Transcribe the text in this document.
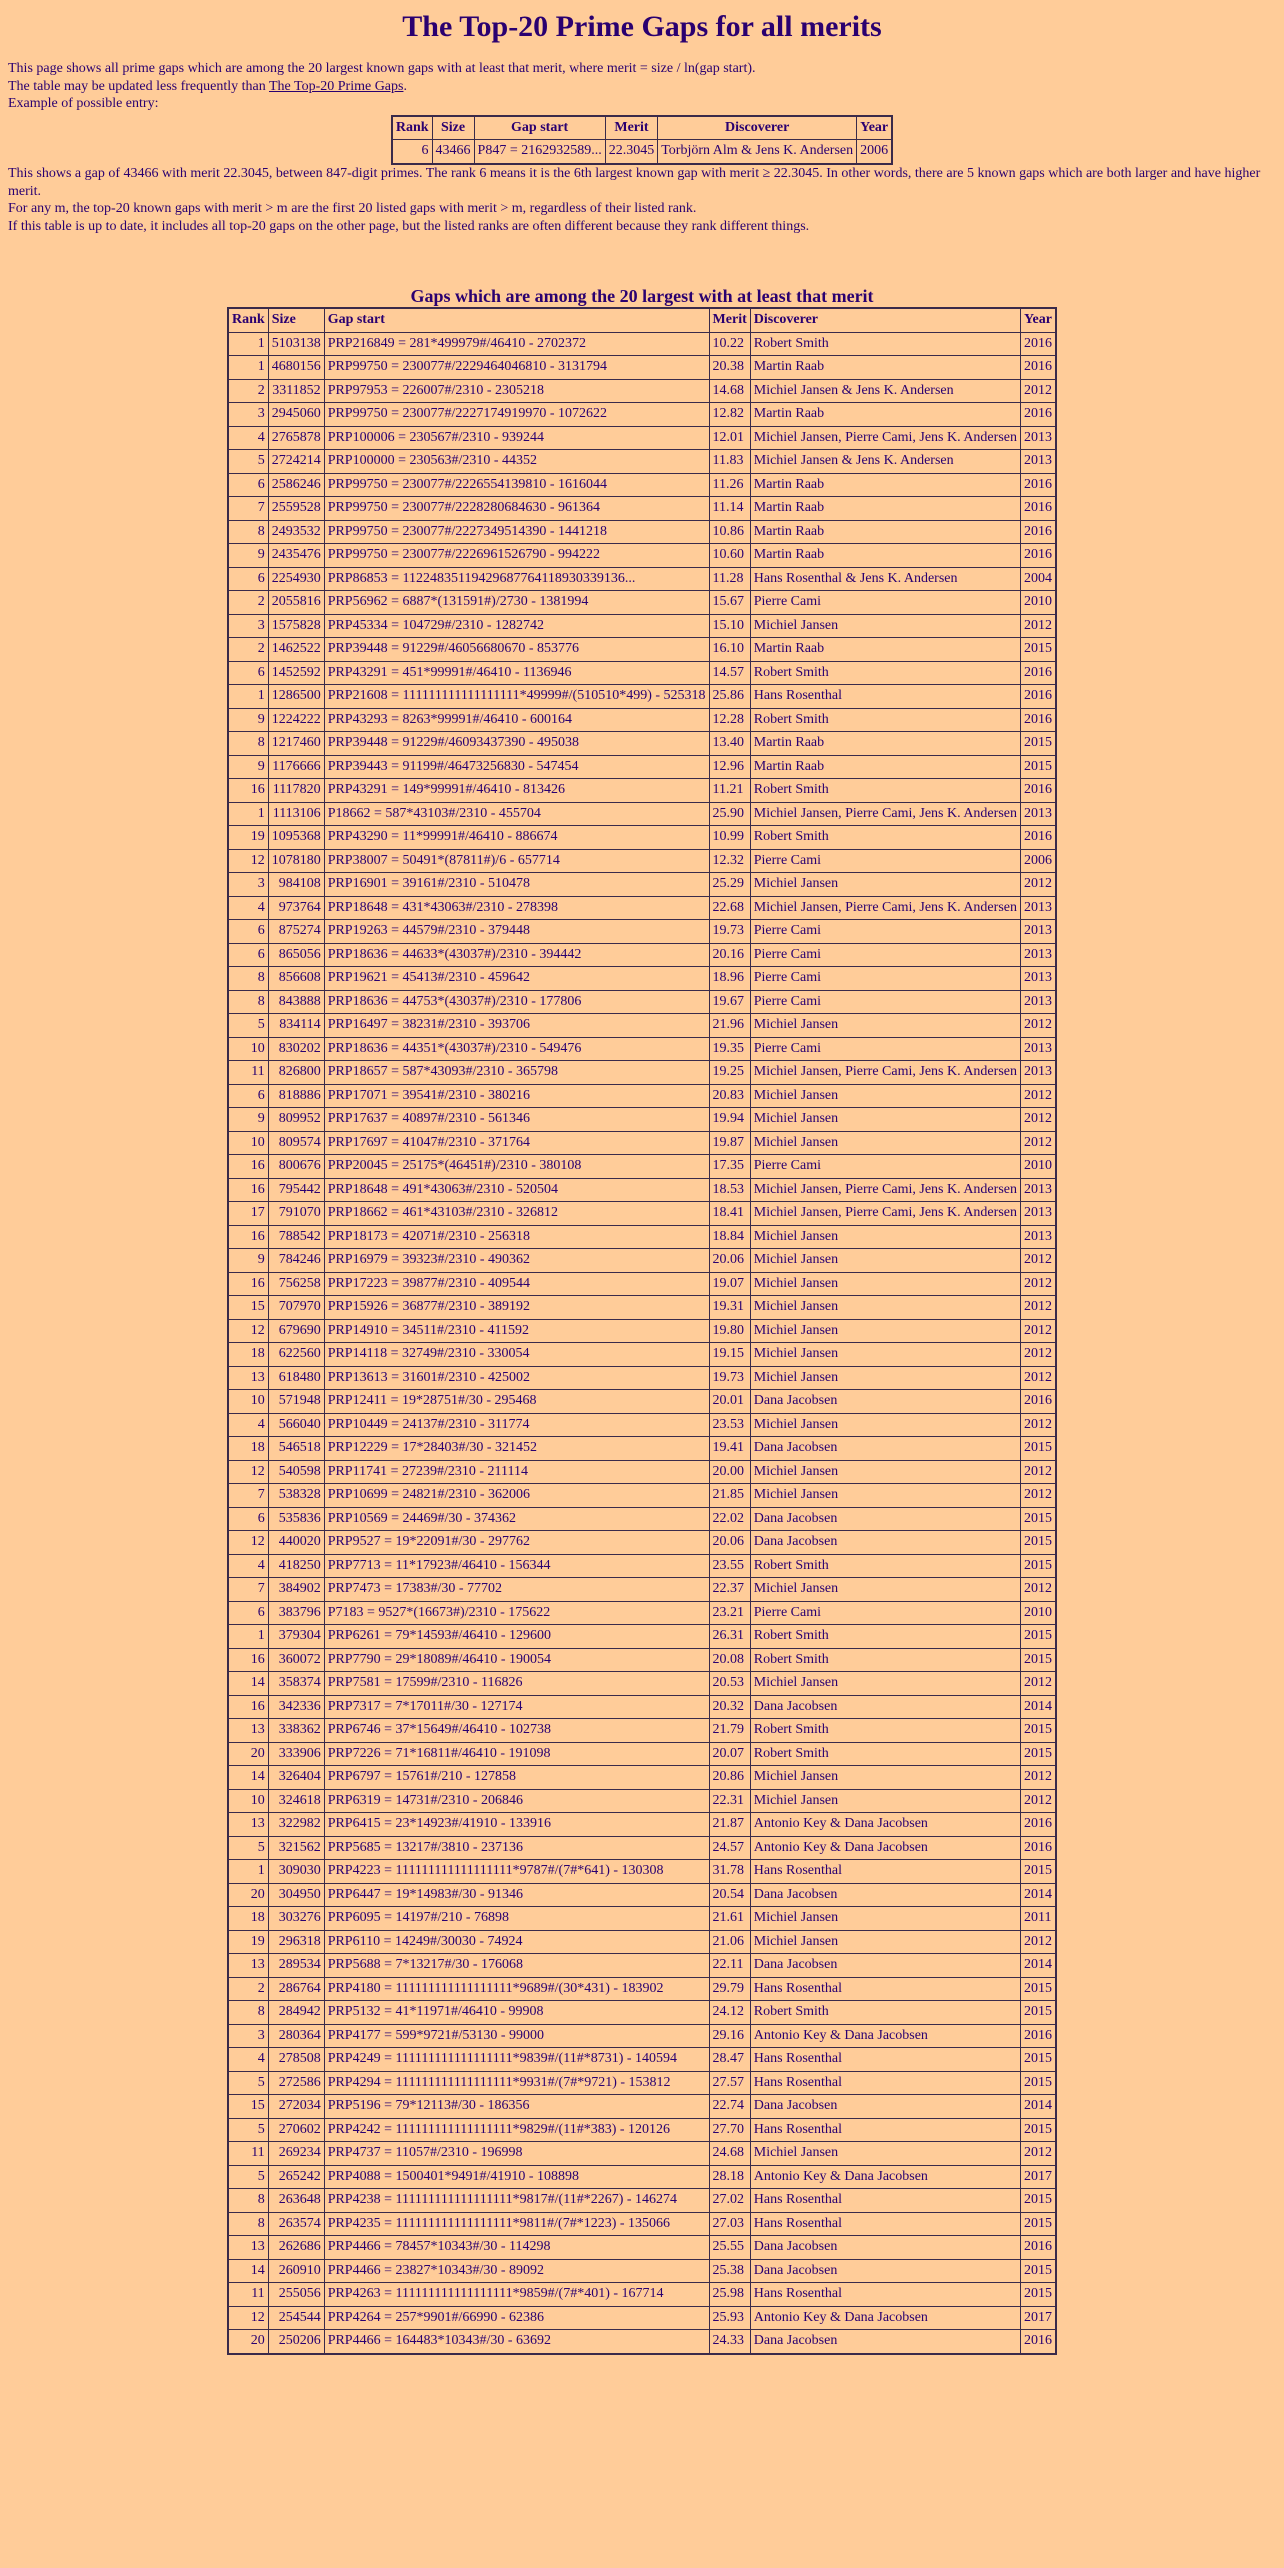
The Top-20 Prime Gaps for all merits

This page shows all prime gaps which are among the 20 largest known gaps with at least that merit, where merit = size / ln(gap start).

The table may be updated less frequently than The Top-20 Prime Gaps.

Example of possible entry:

Rank	Size	Gap start	Merit	Discoverer	Year
6	43466	P847 = 2162932589...	22.3045	Torbjörn Alm & Jens K. Andersen	2006

This shows a gap of 43466 with merit 22.3045, between 847-digit primes. The rank 6 means it is the 6th largest known gap with merit ≥ 22.3045. In other words, there are 5 known gaps which are both larger and have higher merit.

For any m, the top-20 known gaps with merit > m are the first 20 listed gaps with merit > m, regardless of their listed rank.

If this table is up to date, it includes all top-20 gaps on the other page, but the listed ranks are often different because they rank different things.

Gaps which are among the 20 largest with at least that merit
Rank	Size	Gap start	Merit	Discoverer	Year
1	5103138	PRP216849 = 281*499979#/46410 - 2702372	10.22	Robert Smith	2016
1	4680156	PRP99750 = 230077#/2229464046810 - 3131794	20.38	Martin Raab	2016
2	3311852	PRP97953 = 226007#/2310 - 2305218	14.68	Michiel Jansen & Jens K. Andersen	2012
3	2945060	PRP99750 = 230077#/2227174919970 - 1072622	12.82	Martin Raab	2016
4	2765878	PRP100006 = 230567#/2310 - 939244	12.01	Michiel Jansen, Pierre Cami, Jens K. Andersen	2013
5	2724214	PRP100000 = 230563#/2310 - 44352	11.83	Michiel Jansen & Jens K. Andersen	2013
6	2586246	PRP99750 = 230077#/2226554139810 - 1616044	11.26	Martin Raab	2016
7	2559528	PRP99750 = 230077#/2228280684630 - 961364	11.14	Martin Raab	2016
8	2493532	PRP99750 = 230077#/2227349514390 - 1441218	10.86	Martin Raab	2016
9	2435476	PRP99750 = 230077#/2226961526790 - 994222	10.60	Martin Raab	2016
6	2254930	PRP86853 = 1122483511942968776411893033913​6...	11.28	Hans Rosenthal & Jens K. Andersen	2004
2	2055816	PRP56962 = 6887*(131591#)/2730 - 1381994	15.67	Pierre Cami	2010
3	1575828	PRP45334 = 104729#/2310 - 1282742	15.10	Michiel Jansen	2012
2	1462522	PRP39448 = 91229#/46056680670 - 853776	16.10	Martin Raab	2015
6	1452592	PRP43291 = 451*99991#/46410 - 1136946	14.57	Robert Smith	2016
1	1286500	PRP21608 = 111111111111111111*49999#/(510510*499) - 525318	25.86	Hans Rosenthal	2016
9	1224222	PRP43293 = 8263*99991#/46410 - 600164	12.28	Robert Smith	2016
8	1217460	PRP39448 = 91229#/46093437390 - 495038	13.40	Martin Raab	2015
9	1176666	PRP39443 = 91199#/46473256830 - 547454	12.96	Martin Raab	2015
16	1117820	PRP43291 = 149*99991#/46410 - 813426	11.21	Robert Smith	2016
1	1113106	P18662 = 587*43103#/2310 - 455704	25.90	Michiel Jansen, Pierre Cami, Jens K. Andersen	2013
19	1095368	PRP43290 = 11*99991#/46410 - 886674	10.99	Robert Smith	2016
12	1078180	PRP38007 = 50491*(87811#)/6 - 657714	12.32	Pierre Cami	2006
3	984108	PRP16901 = 39161#/2310 - 510478	25.29	Michiel Jansen	2012
4	973764	PRP18648 = 431*43063#/2310 - 278398	22.68	Michiel Jansen, Pierre Cami, Jens K. Andersen	2013
6	875274	PRP19263 = 44579#/2310 - 379448	19.73	Pierre Cami	2013
6	865056	PRP18636 = 44633*(43037#)/2310 - 394442	20.16	Pierre Cami	2013
8	856608	PRP19621 = 45413#/2310 - 459642	18.96	Pierre Cami	2013
8	843888	PRP18636 = 44753*(43037#)/2310 - 177806	19.67	Pierre Cami	2013
5	834114	PRP16497 = 38231#/2310 - 393706	21.96	Michiel Jansen	2012
10	830202	PRP18636 = 44351*(43037#)/2310 - 549476	19.35	Pierre Cami	2013
11	826800	PRP18657 = 587*43093#/2310 - 365798	19.25	Michiel Jansen, Pierre Cami, Jens K. Andersen	2013
6	818886	PRP17071 = 39541#/2310 - 380216	20.83	Michiel Jansen	2012
9	809952	PRP17637 = 40897#/2310 - 561346	19.94	Michiel Jansen	2012
10	809574	PRP17697 = 41047#/2310 - 371764	19.87	Michiel Jansen	2012
16	800676	PRP20045 = 25175*(46451#)/2310 - 380108	17.35	Pierre Cami	2010
16	795442	PRP18648 = 491*43063#/2310 - 520504	18.53	Michiel Jansen, Pierre Cami, Jens K. Andersen	2013
17	791070	PRP18662 = 461*43103#/2310 - 326812	18.41	Michiel Jansen, Pierre Cami, Jens K. Andersen	2013
16	788542	PRP18173 = 42071#/2310 - 256318	18.84	Michiel Jansen	2013
9	784246	PRP16979 = 39323#/2310 - 490362	20.06	Michiel Jansen	2012
16	756258	PRP17223 = 39877#/2310 - 409544	19.07	Michiel Jansen	2012
15	707970	PRP15926 = 36877#/2310 - 389192	19.31	Michiel Jansen	2012
12	679690	PRP14910 = 34511#/2310 - 411592	19.80	Michiel Jansen	2012
18	622560	PRP14118 = 32749#/2310 - 330054	19.15	Michiel Jansen	2012
13	618480	PRP13613 = 31601#/2310 - 425002	19.73	Michiel Jansen	2012
10	571948	PRP12411 = 19*28751#/30 - 295468	20.01	Dana Jacobsen	2016
4	566040	PRP10449 = 24137#/2310 - 311774	23.53	Michiel Jansen	2012
18	546518	PRP12229 = 17*28403#/30 - 321452	19.41	Dana Jacobsen	2015
12	540598	PRP11741 = 27239#/2310 - 211114	20.00	Michiel Jansen	2012
7	538328	PRP10699 = 24821#/2310 - 362006	21.85	Michiel Jansen	2012
6	535836	PRP10569 = 24469#/30 - 374362	22.02	Dana Jacobsen	2015
12	440020	PRP9527 = 19*22091#/30 - 297762	20.06	Dana Jacobsen	2015
4	418250	PRP7713 = 11*17923#/46410 - 156344	23.55	Robert Smith	2015
7	384902	PRP7473 = 17383#/30 - 77702	22.37	Michiel Jansen	2012
6	383796	P7183 = 9527*(16673#)/2310 - 175622	23.21	Pierre Cami	2010
1	379304	PRP6261 = 79*14593#/46410 - 129600	26.31	Robert Smith	2015
16	360072	PRP7790 = 29*18089#/46410 - 190054	20.08	Robert Smith	2015
14	358374	PRP7581 = 17599#/2310 - 116826	20.53	Michiel Jansen	2012
16	342336	PRP7317 = 7*17011#/30 - 127174	20.32	Dana Jacobsen	2014
13	338362	PRP6746 = 37*15649#/46410 - 102738	21.79	Robert Smith	2015
20	333906	PRP7226 = 71*16811#/46410 - 191098	20.07	Robert Smith	2015
14	326404	PRP6797 = 15761#/210 - 127858	20.86	Michiel Jansen	2012
10	324618	PRP6319 = 14731#/2310 - 206846	22.31	Michiel Jansen	2012
13	322982	PRP6415 = 23*14923#/41910 - 133916	21.87	Antonio Key & Dana Jacobsen	2016
5	321562	PRP5685 = 13217#/3810 - 237136	24.57	Antonio Key & Dana Jacobsen	2016
1	309030	PRP4223 = 111111111111111111*9787#/(7#*641) - 130308	31.78	Hans Rosenthal	2015
20	304950	PRP6447 = 19*14983#/30 - 91346	20.54	Dana Jacobsen	2014
18	303276	PRP6095 = 14197#/210 - 76898	21.61	Michiel Jansen	2011
19	296318	PRP6110 = 14249#/30030 - 74924	21.06	Michiel Jansen	2012
13	289534	PRP5688 = 7*13217#/30 - 176068	22.11	Dana Jacobsen	2014
2	286764	PRP4180 = 111111111111111111*9689#/(30*431) - 183902	29.79	Hans Rosenthal	2015
8	284942	PRP5132 = 41*11971#/46410 - 99908	24.12	Robert Smith	2015
3	280364	PRP4177 = 599*9721#/53130 - 99000	29.16	Antonio Key & Dana Jacobsen	2016
4	278508	PRP4249 = 111111111111111111*9839#/(11#*8731) - 140594	28.47	Hans Rosenthal	2015
5	272586	PRP4294 = 111111111111111111*9931#/(7#*9721) - 153812	27.57	Hans Rosenthal	2015
15	272034	PRP5196 = 79*12113#/30 - 186356	22.74	Dana Jacobsen	2014
5	270602	PRP4242 = 111111111111111111*9829#/(11#*383) - 120126	27.70	Hans Rosenthal	2015
11	269234	PRP4737 = 11057#/2310 - 196998	24.68	Michiel Jansen	2012
5	265242	PRP4088 = 1500401*9491#/41910 - 108898	28.18	Antonio Key & Dana Jacobsen	2017
8	263648	PRP4238 = 111111111111111111*9817#/(11#*2267) - 146274	27.02	Hans Rosenthal	2015
8	263574	PRP4235 = 111111111111111111*9811#/(7#*1223) - 135066	27.03	Hans Rosenthal	2015
13	262686	PRP4466 = 78457*10343#/30 - 114298	25.55	Dana Jacobsen	2016
14	260910	PRP4466 = 23827*10343#/30 - 89092	25.38	Dana Jacobsen	2015
11	255056	PRP4263 = 111111111111111111*9859#/(7#*401) - 167714	25.98	Hans Rosenthal	2015
12	254544	PRP4264 = 257*9901#/66990 - 62386	25.93	Antonio Key & Dana Jacobsen	2017
20	250206	PRP4466 = 164483*10343#/30 - 63692	24.33	Dana Jacobsen	2016
